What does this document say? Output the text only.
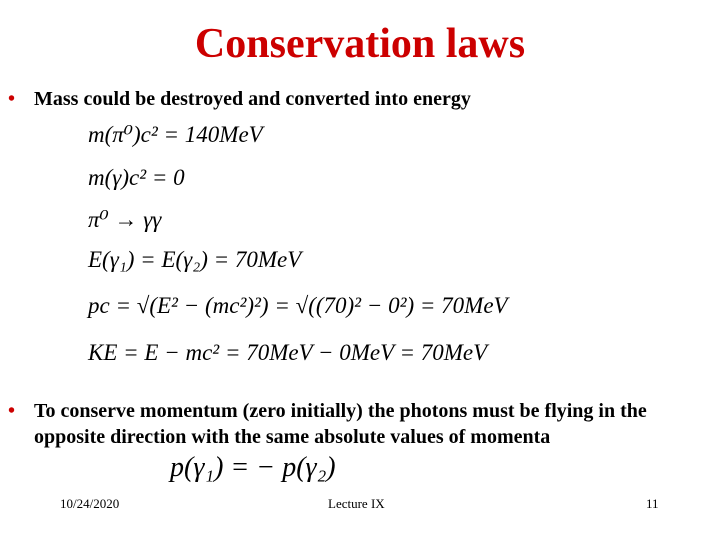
Conservation laws
• Mass could be destroyed and converted into energy
m(π⁰)c² = 140MeV
m(γ)c² = 0
π⁰ → γγ
E(γ₁) = E(γ₂) = 70MeV
pc = √(E² − (mc²)²) = √((70)² − 0²) = 70MeV
KE = E − mc² = 70MeV − 0MeV = 70MeV
• To conserve momentum (zero initially) the photons must be flying in the opposite direction with the same absolute values of momenta
p(γ₁) = − p(γ₂)
10/24/2020	Lecture IX	11
